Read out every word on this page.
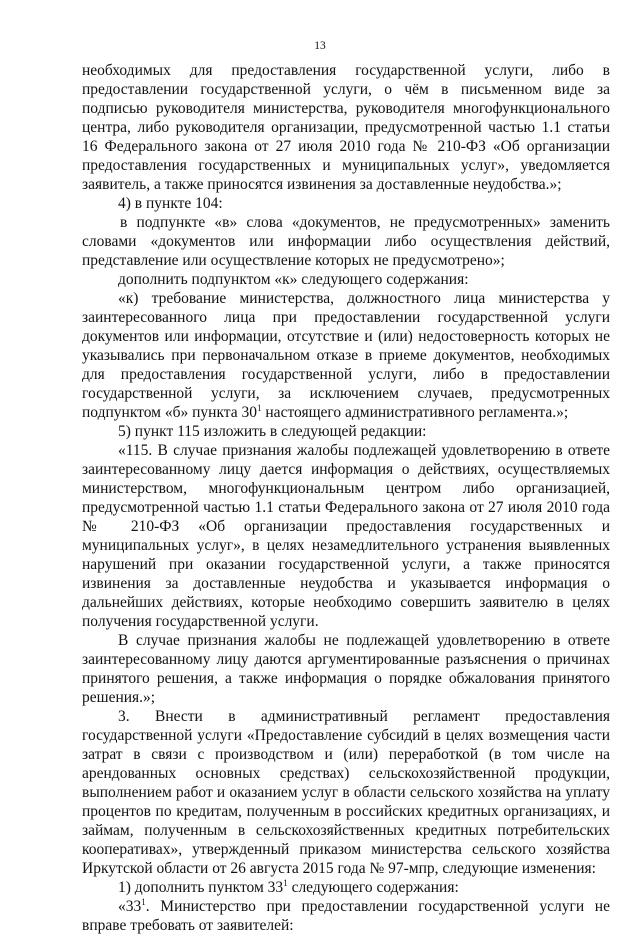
13

необходимых для предоставления государственной услуги, либо в предоставлении государственной услуги, о чём в письменном виде за подписью руководителя министерства, руководителя многофункционального центра, либо руководителя организации, предусмотренной частью 1.1 статьи 16 Федерального закона от 27 июля 2010 года № 210-ФЗ «Об организации предоставления государственных и муниципальных услуг», уведомляется заявитель, а также приносятся извинения за доставленные неудобства.»;

4) в пункте 104:

в подпункте «в» слова «документов, не предусмотренных» заменить словами «документов или информации либо осуществления действий, представление или осуществление которых не предусмотрено»;

дополнить подпунктом «к» следующего содержания:

«к) требование министерства, должностного лица министерства у заинтересованного лица при предоставлении государственной услуги документов или информации, отсутствие и (или) недостоверность которых не указывались при первоначальном отказе в приеме документов, необходимых для предоставления государственной услуги, либо в предоставлении государственной услуги, за исключением случаев, предусмотренных подпунктом «б» пункта $30^1$ настоящего административного регламента.»;

5) пункт 115 изложить в следующей редакции:

«115. В случае признания жалобы подлежащей удовлетворению в ответе заинтересованному лицу дается информация о действиях, осуществляемых министерством, многофункциональным центром либо организацией, предусмотренной частью 1.1 статьи Федерального закона от 27 июля 2010 года № 210-ФЗ «Об организации предоставления государственных и муниципальных услуг», в целях незамедлительного устранения выявленных нарушений при оказании государственной услуги, а также приносятся извинения за доставленные неудобства и указывается информация о дальнейших действиях, которые необходимо совершить заявителю в целях получения государственной услуги.

В случае признания жалобы не подлежащей удовлетворению в ответе заинтересованному лицу даются аргументированные разъяснения о причинах принятого решения, а также информация о порядке обжалования принятого решения.»;

3. Внести в административный регламент предоставления государственной услуги «Предоставление субсидий в целях возмещения части затрат в связи с производством и (или) переработкой (в том числе на арендованных основных средствах) сельскохозяйственной продукции, выполнением работ и оказанием услуг в области сельского хозяйства на уплату процентов по кредитам, полученным в российских кредитных организациях, и займам, полученным в сельскохозяйственных кредитных потребительских кооперативах», утвержденный приказом министерства сельского хозяйства Иркутской области от 26 августа 2015 года № 97-мпр, следующие изменения:

1) дополнить пунктом $33^1$ следующего содержания:

«$33^1$. Министерство при предоставлении государственной услуги не вправе требовать от заявителей:
